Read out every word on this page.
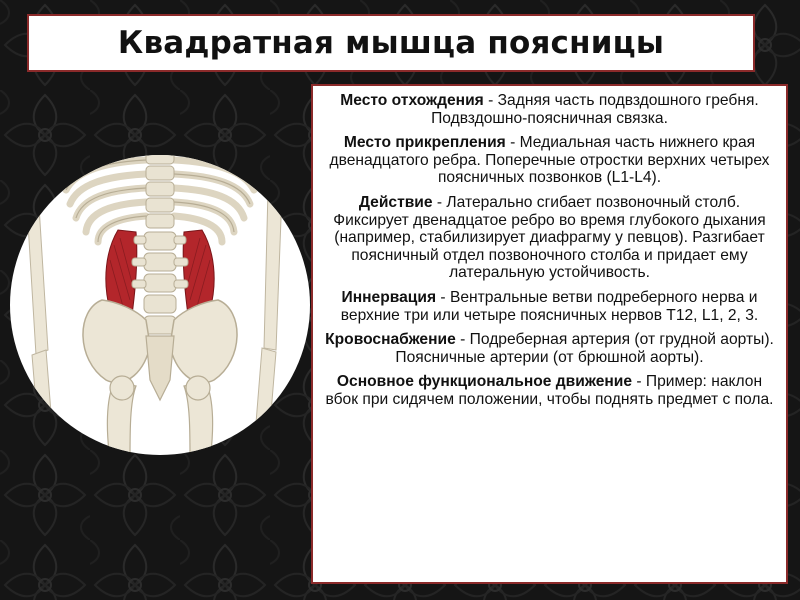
Квадратная мышца поясницы

Место отхождения - Задняя часть подвздошного гребня. Подвздошно-поясничная связка.

Место прикрепления - Медиальная часть нижнего края двенадцатого ребра. Поперечные отростки верхних четырех поясничных позвонков (L1-L4).

Действие - Латерально сгибает позвоночный столб. Фиксирует двенадцатое ребро во время глубокого дыхания (например, стабилизирует диафрагму у певцов). Разгибает поясничный отдел позвоночного столба и придает ему латеральную устойчивость.

Иннервация - Вентральные ветви подреберного нерва и верхние три или четыре поясничных нервов T12, L1, 2, 3.

Кровоснабжение - Подреберная артерия (от грудной аорты). Поясничные артерии (от брюшной аорты).

Основное функциональное движение - Пример: наклон вбок при сидячем положении, чтобы поднять предмет с пола.
